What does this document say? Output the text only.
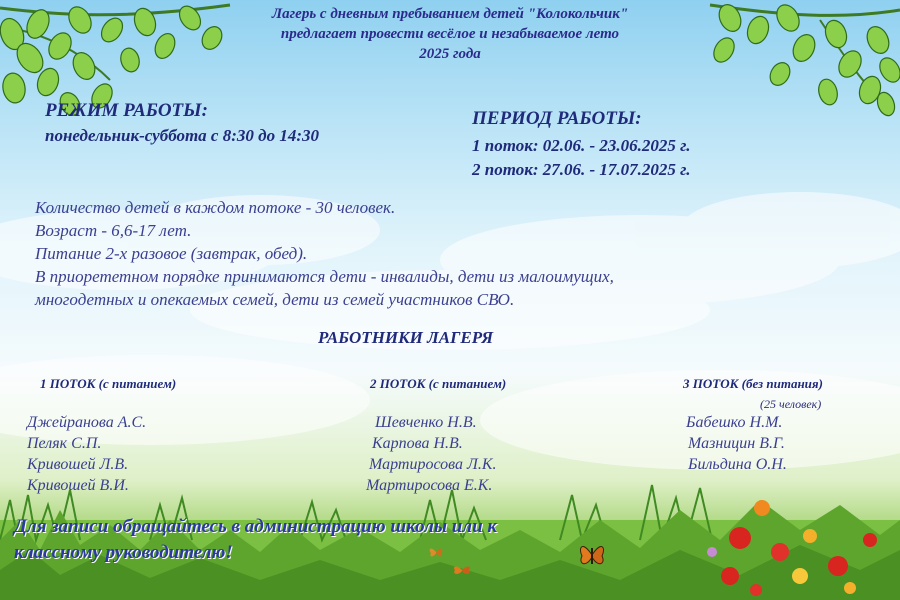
Лагерь с дневным пребыванием детей "Колокольчик"
предлагает провести весёлое и незабываемое лето
2025 года
РЕЖИМ РАБОТЫ:
понедельник-суббота с 8:30 до 14:30
ПЕРИОД РАБОТЫ:
1 поток: 02.06. - 23.06.2025 г.
2 поток: 27.06. - 17.07.2025 г.
Количество детей в каждом потоке - 30 человек.
Возраст - 6,6-17 лет.
Питание 2-х разовое (завтрак, обед).
В приорететном порядке принимаются дети - инвалиды, дети из малоимущих,
многодетных и опекаемых семей, дети из семей участников СВО.
РАБОТНИКИ ЛАГЕРЯ
1 ПОТОК (с питанием)	2 ПОТОК (с питанием)	3 ПОТОК (без питания)
(25 человек)
Джейранова А.С.
Пеляк С.П.
Кривошей Л.В.
Кривошей В.И.
Шевченко Н.В.
Карпова Н.В.
Мартиросова Л.К.
Мартиросова Е.К.
Бабешко Н.М.
Мазницин В.Г.
Бильдина О.Н.
Для записи обращайтесь в администрацию школы или к
классному руководителю!
